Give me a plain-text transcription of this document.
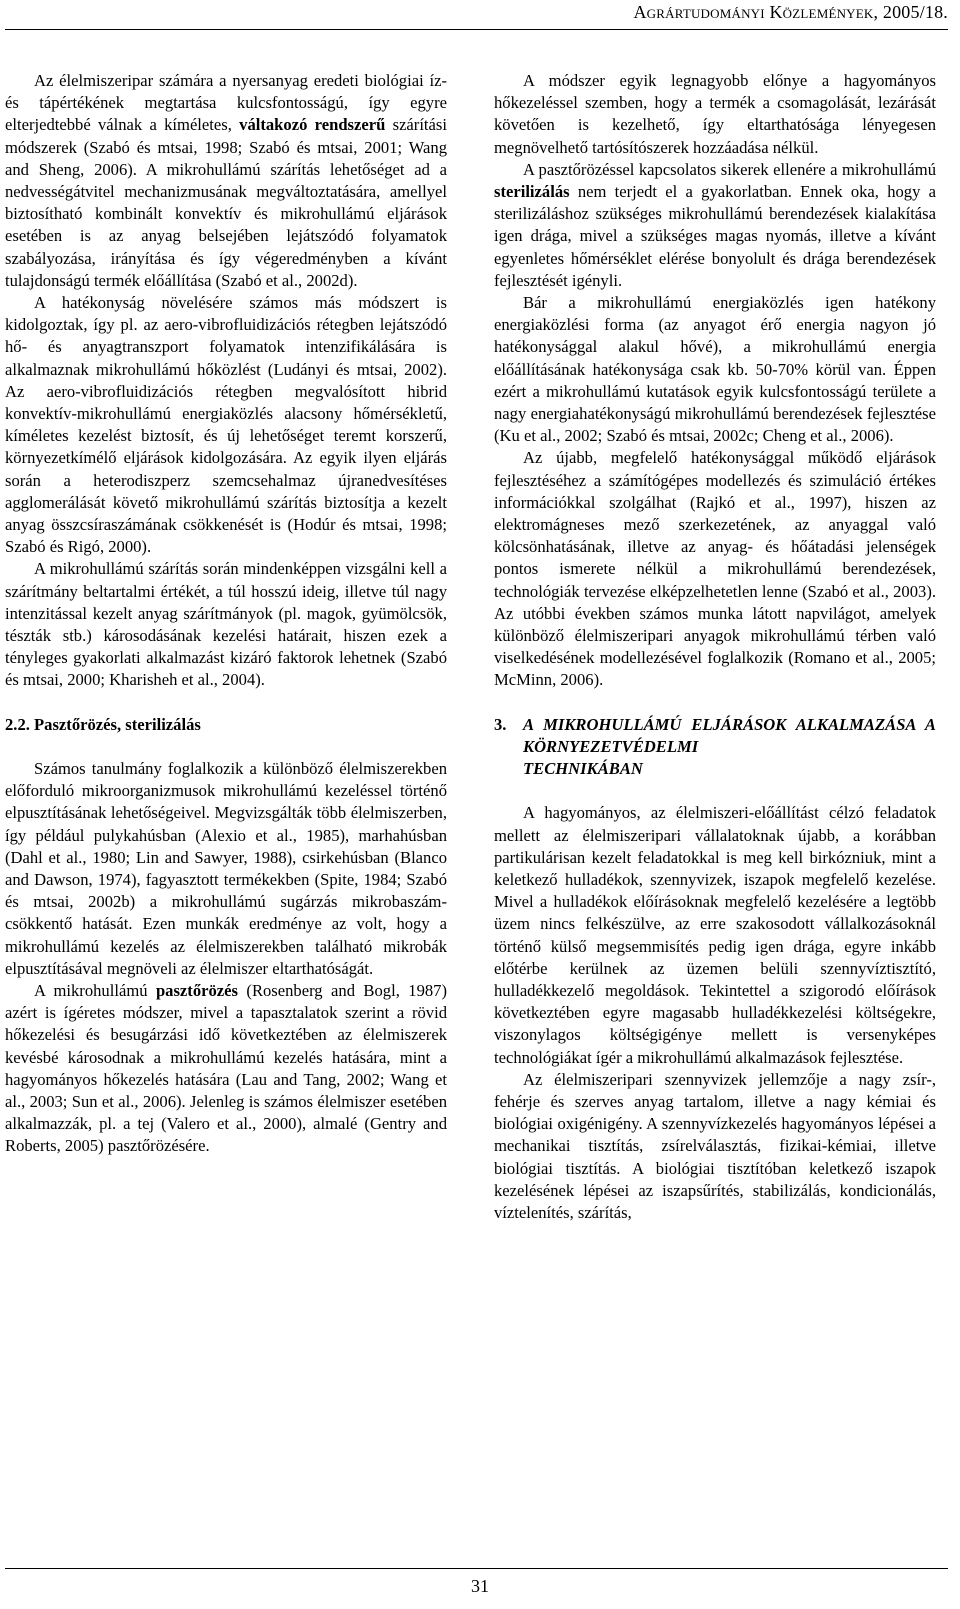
Agrártudományi Közlemények, 2005/18.

Az élelmiszeripar számára a nyersanyag eredeti biológiai íz- és tápértékének megtartása kulcsfontosságú, így egyre elterjedtebbé válnak a kíméletes, váltakozó rendszerű szárítási módszerek (Szabó és mtsai, 1998; Szabó és mtsai, 2001; Wang and Sheng, 2006). A mikrohullámú szárítás lehetőséget ad a nedvességátvitel mechanizmusának megváltoztatására, amellyel biztosítható kombinált konvektív és mikrohullámú eljárások esetében is az anyag belsejében lejátszódó folyamatok szabályozása, irányítása és így végeredményben a kívánt tulajdonságú termék előállítása (Szabó et al., 2002d).

A hatékonyság növelésére számos más módszert is kidolgoztak, így pl. az aero-vibrofluidizációs rétegben lejátszódó hő- és anyagtranszport folyamatok intenzifikálására is alkalmaznak mikrohullámú hőközlést (Ludányi és mtsai, 2002). Az aero-vibrofluidizációs rétegben megvalósított hibrid konvektív-mikrohullámú energiaközlés alacsony hőmérsékletű, kíméletes kezelést biztosít, és új lehetőséget teremt korszerű, környezetkímélő eljárások kidolgozására. Az egyik ilyen eljárás során a heterodiszperz szemcsehalmaz újranedvesítéses agglomerálását követő mikrohullámú szárítás biztosítja a kezelt anyag összcsíraszámának csökkenését is (Hodúr és mtsai, 1998; Szabó és Rigó, 2000).

A mikrohullámú szárítás során mindenképpen vizsgálni kell a szárítmány beltartalmi értékét, a túl hosszú ideig, illetve túl nagy intenzitással kezelt anyag szárítmányok (pl. magok, gyümölcsök, tészták stb.) károsodásának kezelési határait, hiszen ezek a tényleges gyakorlati alkalmazást kizáró faktorok lehetnek (Szabó és mtsai, 2000; Kharisheh et al., 2004).

2.2. Pasztőrözés, sterilizálás

Számos tanulmány foglalkozik a különböző élelmiszerekben előforduló mikroorganizmusok mikrohullámú kezeléssel történő elpusztításának lehetőségeivel. Megvizsgálták több élelmiszerben, így például pulykahúsban (Alexio et al., 1985), marhahúsban (Dahl et al., 1980; Lin and Sawyer, 1988), csirkehúsban (Blanco and Dawson, 1974), fagyasztott termékekben (Spite, 1984; Szabó és mtsai, 2002b) a mikrohullámú sugárzás mikrobaszám-csökkentő hatását. Ezen munkák eredménye az volt, hogy a mikrohullámú kezelés az élelmiszerekben található mikrobák elpusztításával megnöveli az élelmiszer eltarthatóságát.

A mikrohullámú pasztőrözés (Rosenberg and Bogl, 1987) azért is ígéretes módszer, mivel a tapasztalatok szerint a rövid hőkezelési és besugárzási idő következtében az élelmiszerek kevésbé károsodnak a mikrohullámú kezelés hatására, mint a hagyományos hőkezelés hatására (Lau and Tang, 2002; Wang et al., 2003; Sun et al., 2006). Jelenleg is számos élelmiszer esetében alkalmazzák, pl. a tej (Valero et al., 2000), almalé (Gentry and Roberts, 2005) pasztőrözésére.

A módszer egyik legnagyobb előnye a hagyományos hőkezeléssel szemben, hogy a termék a csomagolását, lezárását követően is kezelhető, így eltarthatósága lényegesen megnövelhető tartósítószerek hozzáadása nélkül.

A pasztőrözéssel kapcsolatos sikerek ellenére a mikrohullámú sterilizálás nem terjedt el a gyakorlatban. Ennek oka, hogy a sterilizáláshoz szükséges mikrohullámú berendezések kialakítása igen drága, mivel a szükséges magas nyomás, illetve a kívánt egyenletes hőmérséklet elérése bonyolult és drága berendezések fejlesztését igényli.

Bár a mikrohullámú energiaközlés igen hatékony energiaközlési forma (az anyagot érő energia nagyon jó hatékonysággal alakul hővé), a mikrohullámú energia előállításának hatékonysága csak kb. 50-70% körül van. Éppen ezért a mikrohullámú kutatások egyik kulcsfontosságú területe a nagy energiahatékonyságú mikrohullámú berendezések fejlesztése (Ku et al., 2002; Szabó és mtsai, 2002c; Cheng et al., 2006).

Az újabb, megfelelő hatékonysággal működő eljárások fejlesztéséhez a számítógépes modellezés és szimuláció értékes információkkal szolgálhat (Rajkó et al., 1997), hiszen az elektromágneses mező szerkezetének, az anyaggal való kölcsönhatásának, illetve az anyag- és hőátadási jelenségek pontos ismerete nélkül a mikrohullámú berendezések, technológiák tervezése elképzelhetetlen lenne (Szabó et al., 2003). Az utóbbi években számos munka látott napvilágot, amelyek különböző élelmiszeripari anyagok mikrohullámú térben való viselkedésének modellezésével foglalkozik (Romano et al., 2005; McMinn, 2006).

3. A MIKROHULLÁMÚ ELJÁRÁSOK ALKALMAZÁSA A KÖRNYEZETVÉDELMI
TECHNIKÁBAN

A hagyományos, az élelmiszeri-előállítást célzó feladatok mellett az élelmiszeripari vállalatoknak újabb, a korábban partikulárisan kezelt feladatokkal is meg kell birkózniuk, mint a keletkező hulladékok, szennyvizek, iszapok megfelelő kezelése. Mivel a hulladékok előírásoknak megfelelő kezelésére a legtöbb üzem nincs felkészülve, az erre szakosodott vállalkozásoknál történő külső megsemmisítés pedig igen drága, egyre inkább előtérbe kerülnek az üzemen belüli szennyvíztisztító, hulladékkezelő megoldások. Tekintettel a szigorodó előírások következtében egyre magasabb hulladékkezelési költségekre, viszonylagos költségigénye mellett is versenyképes technológiákat ígér a mikrohullámú alkalmazások fejlesztése.

Az élelmiszeripari szennyvizek jellemzője a nagy zsír-, fehérje és szerves anyag tartalom, illetve a nagy kémiai és biológiai oxigénigény. A szennyvízkezelés hagyományos lépései a mechanikai tisztítás, zsírelválasztás, fizikai-kémiai, illetve biológiai tisztítás. A biológiai tisztítóban keletkező iszapok kezelésének lépései az iszapsűrítés, stabilizálás, kondicionálás, víztelenítés, szárítás,

31
